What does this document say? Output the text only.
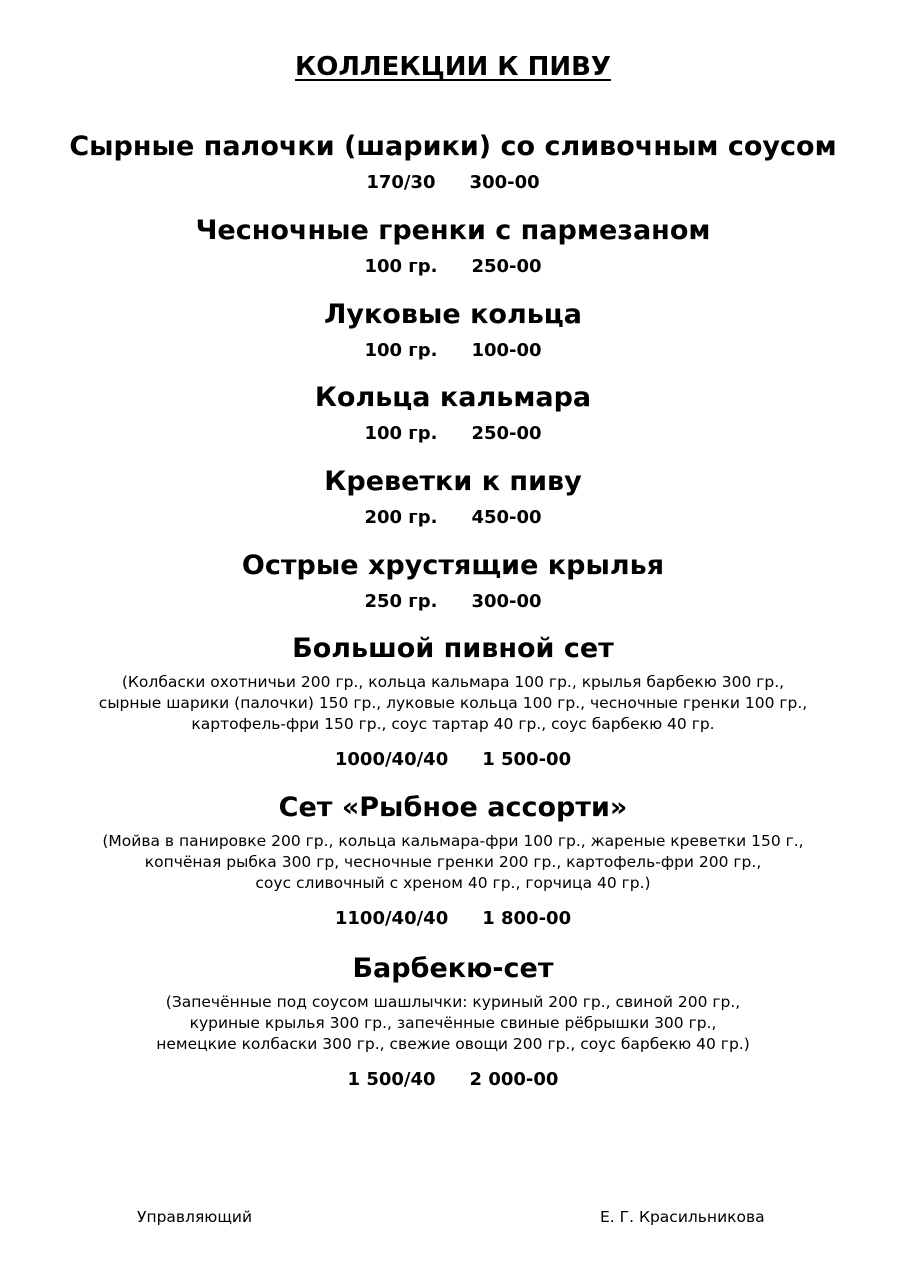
КОЛЛЕКЦИИ К ПИВУ
Сырные палочки (шарики) со сливочным соусом
170/30 300-00
Чесночные гренки с пармезаном
100 гр. 250-00
Луковые кольца
100 гр. 100-00
Кольца кальмара
100 гр. 250-00
Креветки к пиву
200 гр. 450-00
Острые хрустящие крылья
250 гр. 300-00
Большой пивной сет
(Колбаски охотничьи 200 гр., кольца кальмара 100 гр., крылья барбекю 300 гр.,
сырные шарики (палочки) 150 гр., луковые кольца 100 гр., чесночные гренки 100 гр.,
картофель-фри 150 гр., соус тартар 40 гр., соус барбекю 40 гр.
1000/40/40 1 500-00
Сет «Рыбное ассорти»
(Мойва в панировке 200 гр., кольца кальмара-фри 100 гр., жареные креветки 150 г.,
копчёная рыбка 300 гр, чесночные гренки 200 гр., картофель-фри 200 гр.,
соус сливочный с хреном 40 гр., горчица 40 гр.)
1100/40/40 1 800-00
Барбекю-сет
(Запечённые под соусом шашлычки: куриный 200 гр., свиной 200 гр.,
куриные крылья 300 гр., запечённые свиные рёбрышки 300 гр.,
немецкие колбаски 300 гр., свежие овощи 200 гр., соус барбекю 40 гр.)
1 500/40 2 000-00
Управляющий	Е. Г. Красильникова
